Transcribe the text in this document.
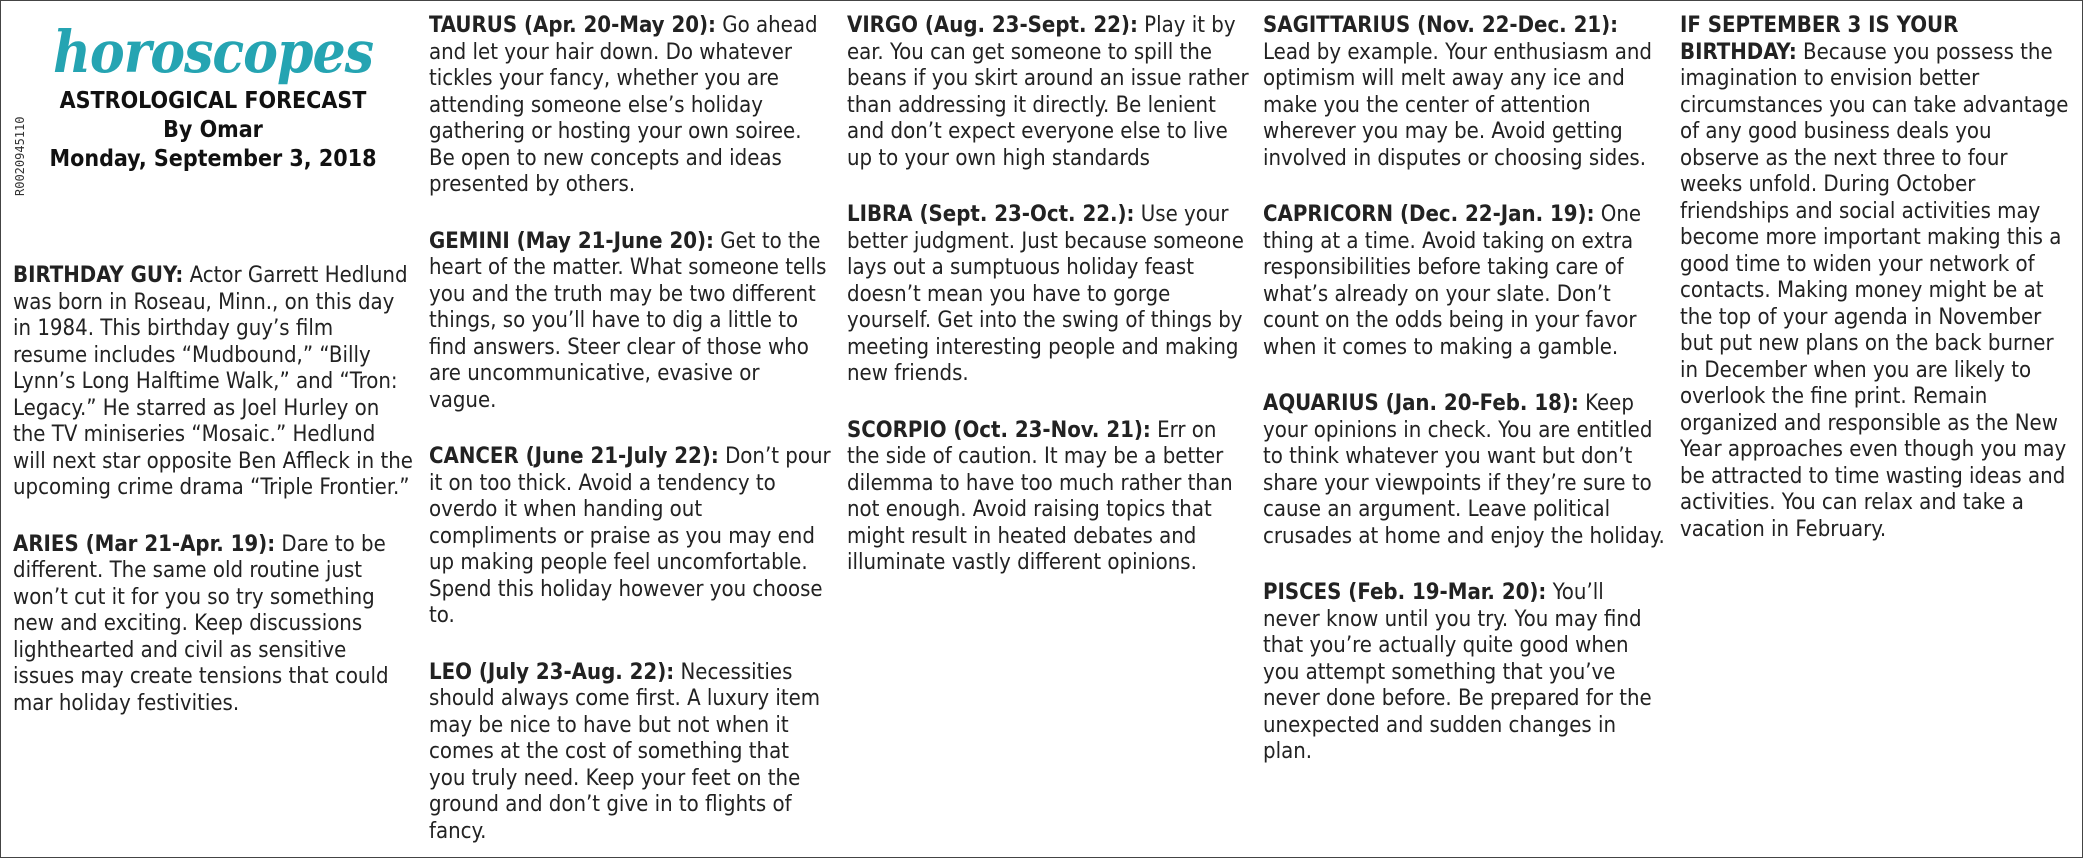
R0020945110
horoscopes
ASTROLOGICAL FORECAST
By Omar
Monday, September 3, 2018

BIRTHDAY GUY: Actor Garrett Hedlund was born in Roseau, Minn., on this day in 1984. This birthday guy’s film resume includes “Mudbound,” “Billy Lynn’s Long Halftime Walk,” and “Tron: Legacy.” He starred as Joel Hurley on the TV miniseries “Mosaic.” Hedlund will next star opposite Ben Affleck in the upcoming crime drama “Triple Frontier.”

ARIES (Mar 21-Apr. 19): Dare to be different. The same old routine just won’t cut it for you so try something new and exciting. Keep discussions lighthearted and civil as sensitive issues may create tensions that could mar holiday festivities.

TAURUS (Apr. 20-May 20): Go ahead and let your hair down. Do whatever tickles your fancy, whether you are attending someone else’s holiday gathering or hosting your own soiree. Be open to new concepts and ideas presented by others.

GEMINI (May 21-June 20): Get to the heart of the matter. What someone tells you and the truth may be two different things, so you’ll have to dig a little to find answers. Steer clear of those who are uncommunicative, evasive or vague.

CANCER (June 21-July 22): Don’t pour it on too thick. Avoid a tendency to overdo it when handing out compliments or praise as you may end up making people feel uncomfortable. Spend this holiday however you choose to.

LEO (July 23-Aug. 22): Necessities should always come first. A luxury item may be nice to have but not when it comes at the cost of something that you truly need. Keep your feet on the ground and don’t give in to flights of fancy.

VIRGO (Aug. 23-Sept. 22): Play it by ear. You can get someone to spill the beans if you skirt around an issue rather than addressing it directly. Be lenient and don’t expect everyone else to live up to your own high standards

LIBRA (Sept. 23-Oct. 22.): Use your better judgment. Just because someone lays out a sumptuous holiday feast doesn’t mean you have to gorge yourself. Get into the swing of things by meeting interesting people and making new friends.

SCORPIO (Oct. 23-Nov. 21): Err on the side of caution. It may be a better dilemma to have too much rather than not enough. Avoid raising topics that might result in heated debates and illuminate vastly different opinions.

SAGITTARIUS (Nov. 22-Dec. 21): Lead by example. Your enthusiasm and optimism will melt away any ice and make you the center of attention wherever you may be. Avoid getting involved in disputes or choosing sides.

CAPRICORN (Dec. 22-Jan. 19): One thing at a time. Avoid taking on extra responsibilities before taking care of what’s already on your slate. Don’t count on the odds being in your favor when it comes to making a gamble.

AQUARIUS (Jan. 20-Feb. 18): Keep your opinions in check. You are entitled to think whatever you want but don’t share your viewpoints if they’re sure to cause an argument. Leave political crusades at home and enjoy the holiday.

PISCES (Feb. 19-Mar. 20): You’ll never know until you try. You may find that you’re actually quite good when you attempt something that you’ve never done before. Be prepared for the unexpected and sudden changes in plan.

IF SEPTEMBER 3 IS YOUR
BIRTHDAY: Because you possess the imagination to envision better circumstances you can take advantage of any good business deals you observe as the next three to four weeks unfold. During October friendships and social activities may become more important making this a good time to widen your network of contacts. Making money might be at the top of your agenda in November but put new plans on the back burner in December when you are likely to overlook the fine print. Remain organized and responsible as the New Year approaches even though you may be attracted to time wasting ideas and activities. You can relax and take a vacation in February.
